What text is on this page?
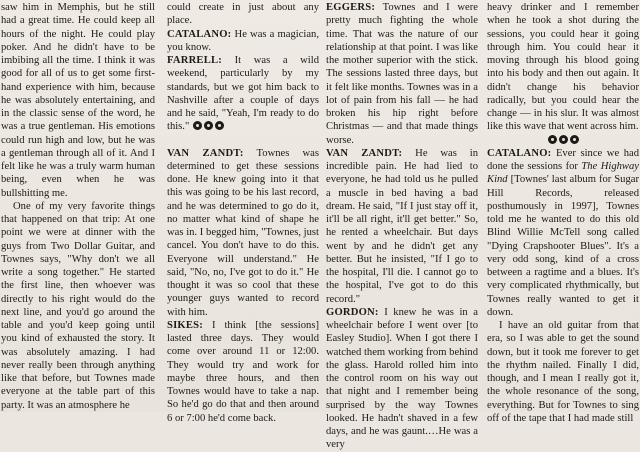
saw him in Memphis, but he still had a great time. He could keep all hours of the night. He could play poker. And he didn't have to be imbibing all the time. I think it was good for all of us to get some first-hand experience with him, because he was absolutely entertaining, and in the classic sense of the word, he was a true gentleman. His emotions could run high and low, but he was a gentleman through all of it. And I felt like he was a truly warm human being, even when he was bullshitting me.

One of my very favorite things that happened on that trip: At one point we were at dinner with the guys from Two Dollar Guitar, and Townes says, "Why don't we all write a song together." He started the first line, then whoever was directly to his right would do the next line, and you'd go around the table and you'd keep going until you kind of exhausted the story. It was absolutely amazing. I had never really been through anything like that before, but Townes made everyone at the table part of this party. It was an atmosphere he

could create in just about any place.

CATALANO: He was a magician, you know.

FARRELL: It was a wild weekend, particularly by my standards, but we got him back to Nashville after a couple of days and he said, "Yeah, I'm ready to do this."

VAN ZANDT: Townes was determined to get these sessions done. He knew going into it that this was going to be his last record, and he was determined to go do it, no matter what kind of shape he was in. I begged him, "Townes, just cancel. You don't have to do this. Everyone will understand." He said, "No, no, I've got to do it." He thought it was so cool that these younger guys wanted to record with him.

SIKES: I think [the sessions] lasted three days. They would come over around 11 or 12:00. They would try and work for maybe three hours, and then Townes would have to take a nap. So he'd go do that and then around 6 or 7:00 he'd come back.

EGGERS: Townes and I were pretty much fighting the whole time. That was the nature of our relationship at that point. I was like the mother superior with the stick. The sessions lasted three days, but it felt like months. Townes was in a lot of pain from his fall — he had broken his hip right before Christmas — and that made things worse.

VAN ZANDT: He was in incredible pain. He had lied to everyone, he had told us he pulled a muscle in bed having a bad dream. He said, "If I just stay off it, it'll be all right, it'll get better." So, he rented a wheelchair. But days went by and he didn't get any better. But he insisted, "If I go to the hospital, I'll die. I cannot go to the hospital, I've got to do this record."

GORDON: I knew he was in a wheelchair before I went over [to Easley Studio]. When I got there I watched them working from behind the glass. Harold rolled him into the control room on his way out that night and I remember being surprised by the way Townes looked. He hadn't shaved in a few days, and he was gaunt.…He was a very

heavy drinker and I remember when he took a shot during the sessions, you could hear it going through him. You could hear it moving through his blood going into his body and then out again. It didn't change his behavior radically, but you could hear the change — in his slur. It was almost like this wave that went across him.

CATALANO: Ever since we had done the sessions for The Highway Kind [Townes' last album for Sugar Hill Records, released posthumously in 1997], Townes told me he wanted to do this old Blind Willie McTell song called "Dying Crapshooter Blues". It's a very odd song, kind of a cross between a ragtime and a blues. It's very complicated rhythmically, but Townes really wanted to get it down.

I have an old guitar from that era, so I was able to get the sound down, but it took me forever to get the rhythm nailed. Finally I did, though, and I mean I really got it, the whole resonance of the song, everything. But for Townes to sing off of the tape that I had made still
